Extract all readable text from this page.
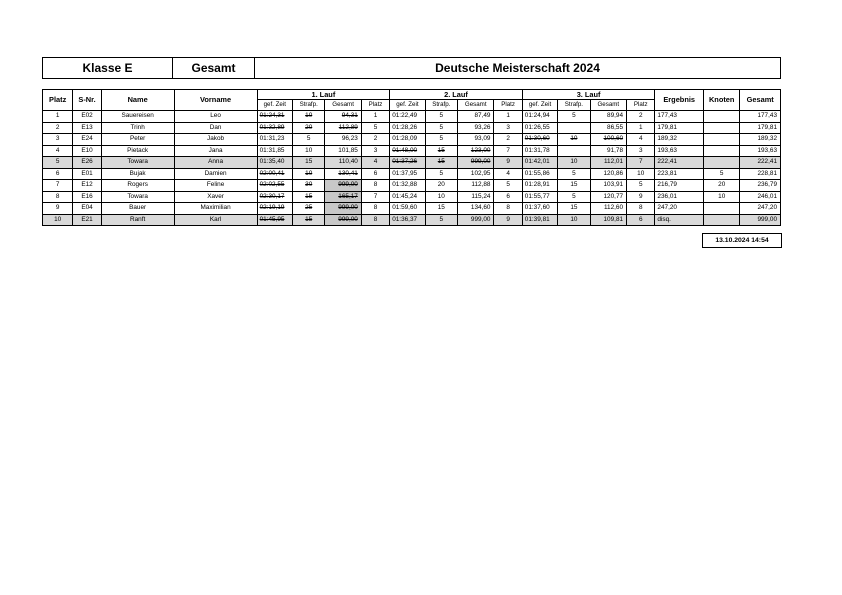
Klasse E	Gesamt	Deutsche Meisterschaft 2024
Platz	S-Nr.	Name	Vorname	1. Lauf				2. Lauf				3. Lauf				Ergebnis	Knoten	Gesamt
				gef. Zeit	Strafp.	Gesamt	Platz	gef. Zeit	Strafp.	Gesamt	Platz	gef. Zeit	Strafp.	Gesamt	Platz			
1	E02	Sauereisen	Leo	01:24,31	10	94,31	1	01:22,49	5	87,49	1	01:24,94	5	89,94	2	177,43		177,43
2	E13	Trinh	Dan	01:32,89	20	112,89	5	01:28,26	5	93,26	3	01:26,55		86,55	1	179,81		179,81
3	E24	Peter	Jakob	01:31,23	5	96,23	2	01:28,09	5	93,09	2	01:30,60	10	100,60	4	189,32		189,32
4	E10	Pietack	Jana	01:31,85	10	101,85	3	01:48,00	15	123,00	7	01:31,78		91,78	3	193,63		193,63
5	E26	Towara	Anna	01:35,40	15	110,40	4	01:37,26	15	999,00	9	01:42,01	10	112,01	7	222,41		222,41
6	E01	Bujak	Damien	02:00,41	10	130,41	6	01:37,95	5	102,95	4	01:55,86	5	120,86	10	223,81	5	228,81
7	E12	Rogers	Feline	02:02,55	30	999,00	8	01:32,88	20	112,88	5	01:28,91	15	103,91	5	216,79	20	236,79
8	E16	Towara	Xaver	02:30,17	15	165,17	7	01:45,24	10	115,24	6	01:55,77	5	120,77	9	236,01	10	246,01
9	E04	Bauer	Maximilian	02:19,19	25	999,00	8	01:59,60	15	134,60	8	01:37,60	15	112,60	8	247,20		247,20
10	E21	Ranft	Karl	01:45,95	15	999,00	8	01:36,37	5	999,00	9	01:39,81	10	109,81	6	disq.		999,00
13.10.2024 14:54
